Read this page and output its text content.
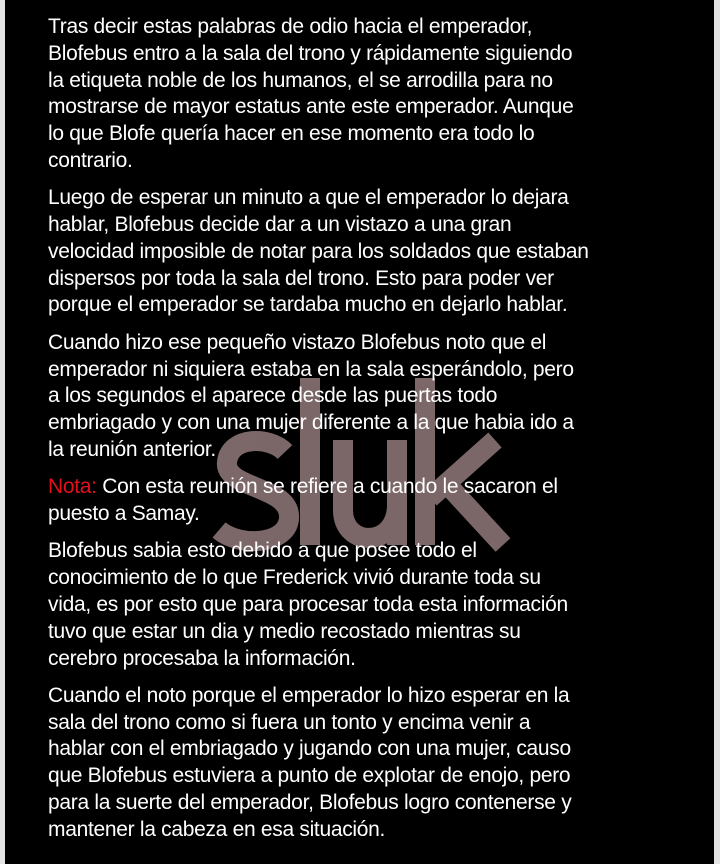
Tras decir estas palabras de odio hacia el emperador,
Blofebus entro a la sala del trono y rápidamente siguiendo
la etiqueta noble de los humanos, el se arrodilla para no
mostrarse de mayor estatus ante este emperador. Aunque
lo que Blofe quería hacer en ese momento era todo lo
contrario.

Luego de esperar un minuto a que el emperador lo dejara
hablar, Blofebus decide dar a un vistazo a una gran
velocidad imposible de notar para los soldados que estaban
dispersos por toda la sala del trono. Esto para poder ver
porque el emperador se tardaba mucho en dejarlo hablar.

Cuando hizo ese pequeño vistazo Blofebus noto que el
emperador ni siquiera estaba en la sala esperándolo, pero
a los segundos el aparece desde las puertas todo
embriagado y con una mujer diferente a la que habia ido a
la reunión anterior.

Nota: Con esta reunión se refiere a cuando le sacaron el
puesto a Samay.

Blofebus sabia esto debido a que posee todo el
conocimiento de lo que Frederick vivió durante toda su
vida, es por esto que para procesar toda esta información
tuvo que estar un dia y medio recostado mientras su
cerebro procesaba la información.

Cuando el noto porque el emperador lo hizo esperar en la
sala del trono como si fuera un tonto y encima venir a
hablar con el embriagado y jugando con una mujer, causo
que Blofebus estuviera a punto de explotar de enojo, pero
para la suerte del emperador, Blofebus logro contenerse y
mantener la cabeza en esa situación.
